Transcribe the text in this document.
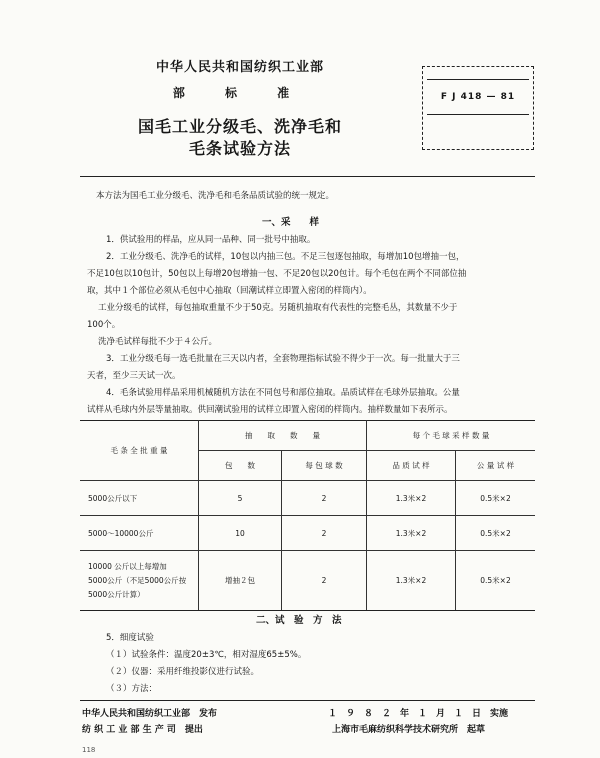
中华人民共和国纺织工业部
部 标 准
国毛工业分级毛、洗净毛和
毛条试验方法
F J 418 — 81
本方法为国毛工业分级毛、洗净毛和毛条品质试验的统一规定。
一、采　　样
1．供试验用的样品，应从同一品种、同一批号中抽取。
2．工业分级毛、洗净毛的试样，10包以内抽三包。不足三包逐包抽取，每增加10包增抽一包，
不足10包以10包计，50包以上每增20包增抽一包、不足20包以20包计。每个毛包在两个不同部位抽
取，其中１个部位必须从毛包中心抽取（回潮试样立即置入密闭的样筒内）。
工业分级毛的试样，每包抽取重量不少于50克。另随机抽取有代表性的完整毛丛，其数量不少于
100个。
洗净毛试样每批不少于４公斤。
3．工业分级毛每一选毛批量在三天以内者，全套物理指标试验不得少于一次。每一批量大于三
天者，至少三天试一次。
4．毛条试验用样品采用机械随机方法在不同包号和部位抽取。品质试样在毛球外层抽取。公量
试样从毛球内外层等量抽取。供回潮试验用的试样立即置入密闭的样筒内。抽样数量如下表所示。
毛 条 全 批 重 量	抽　　取　　数　　量		每 个 毛 球 采 样 数 量	
	包　　数	每 包 球 数	品 质 试 样	公 量 试 样
5000公斤以下	5	2	1.3米×2	0.5米×2
5000～10000公斤	10	2	1.3米×2	0.5米×2

10000 公斤以上每增加
5000公斤（不足5000公斤按
5000公斤计算）	增抽２包	2	1.3米×2	0.5米×2
二、试　验　方　法
5．细度试验
（１）试验条件：温度20±3℃，相对湿度65±5%。
（２）仪器：采用纤维投影仪进行试验。
（３）方法：
中华人民共和国纺织工业部　发布
纺 织 工 业 部 生 产 司　提出
１　９　８　２　年　１　月　１　日　实施
上海市毛麻纺织科学技术研究所　起草
118
